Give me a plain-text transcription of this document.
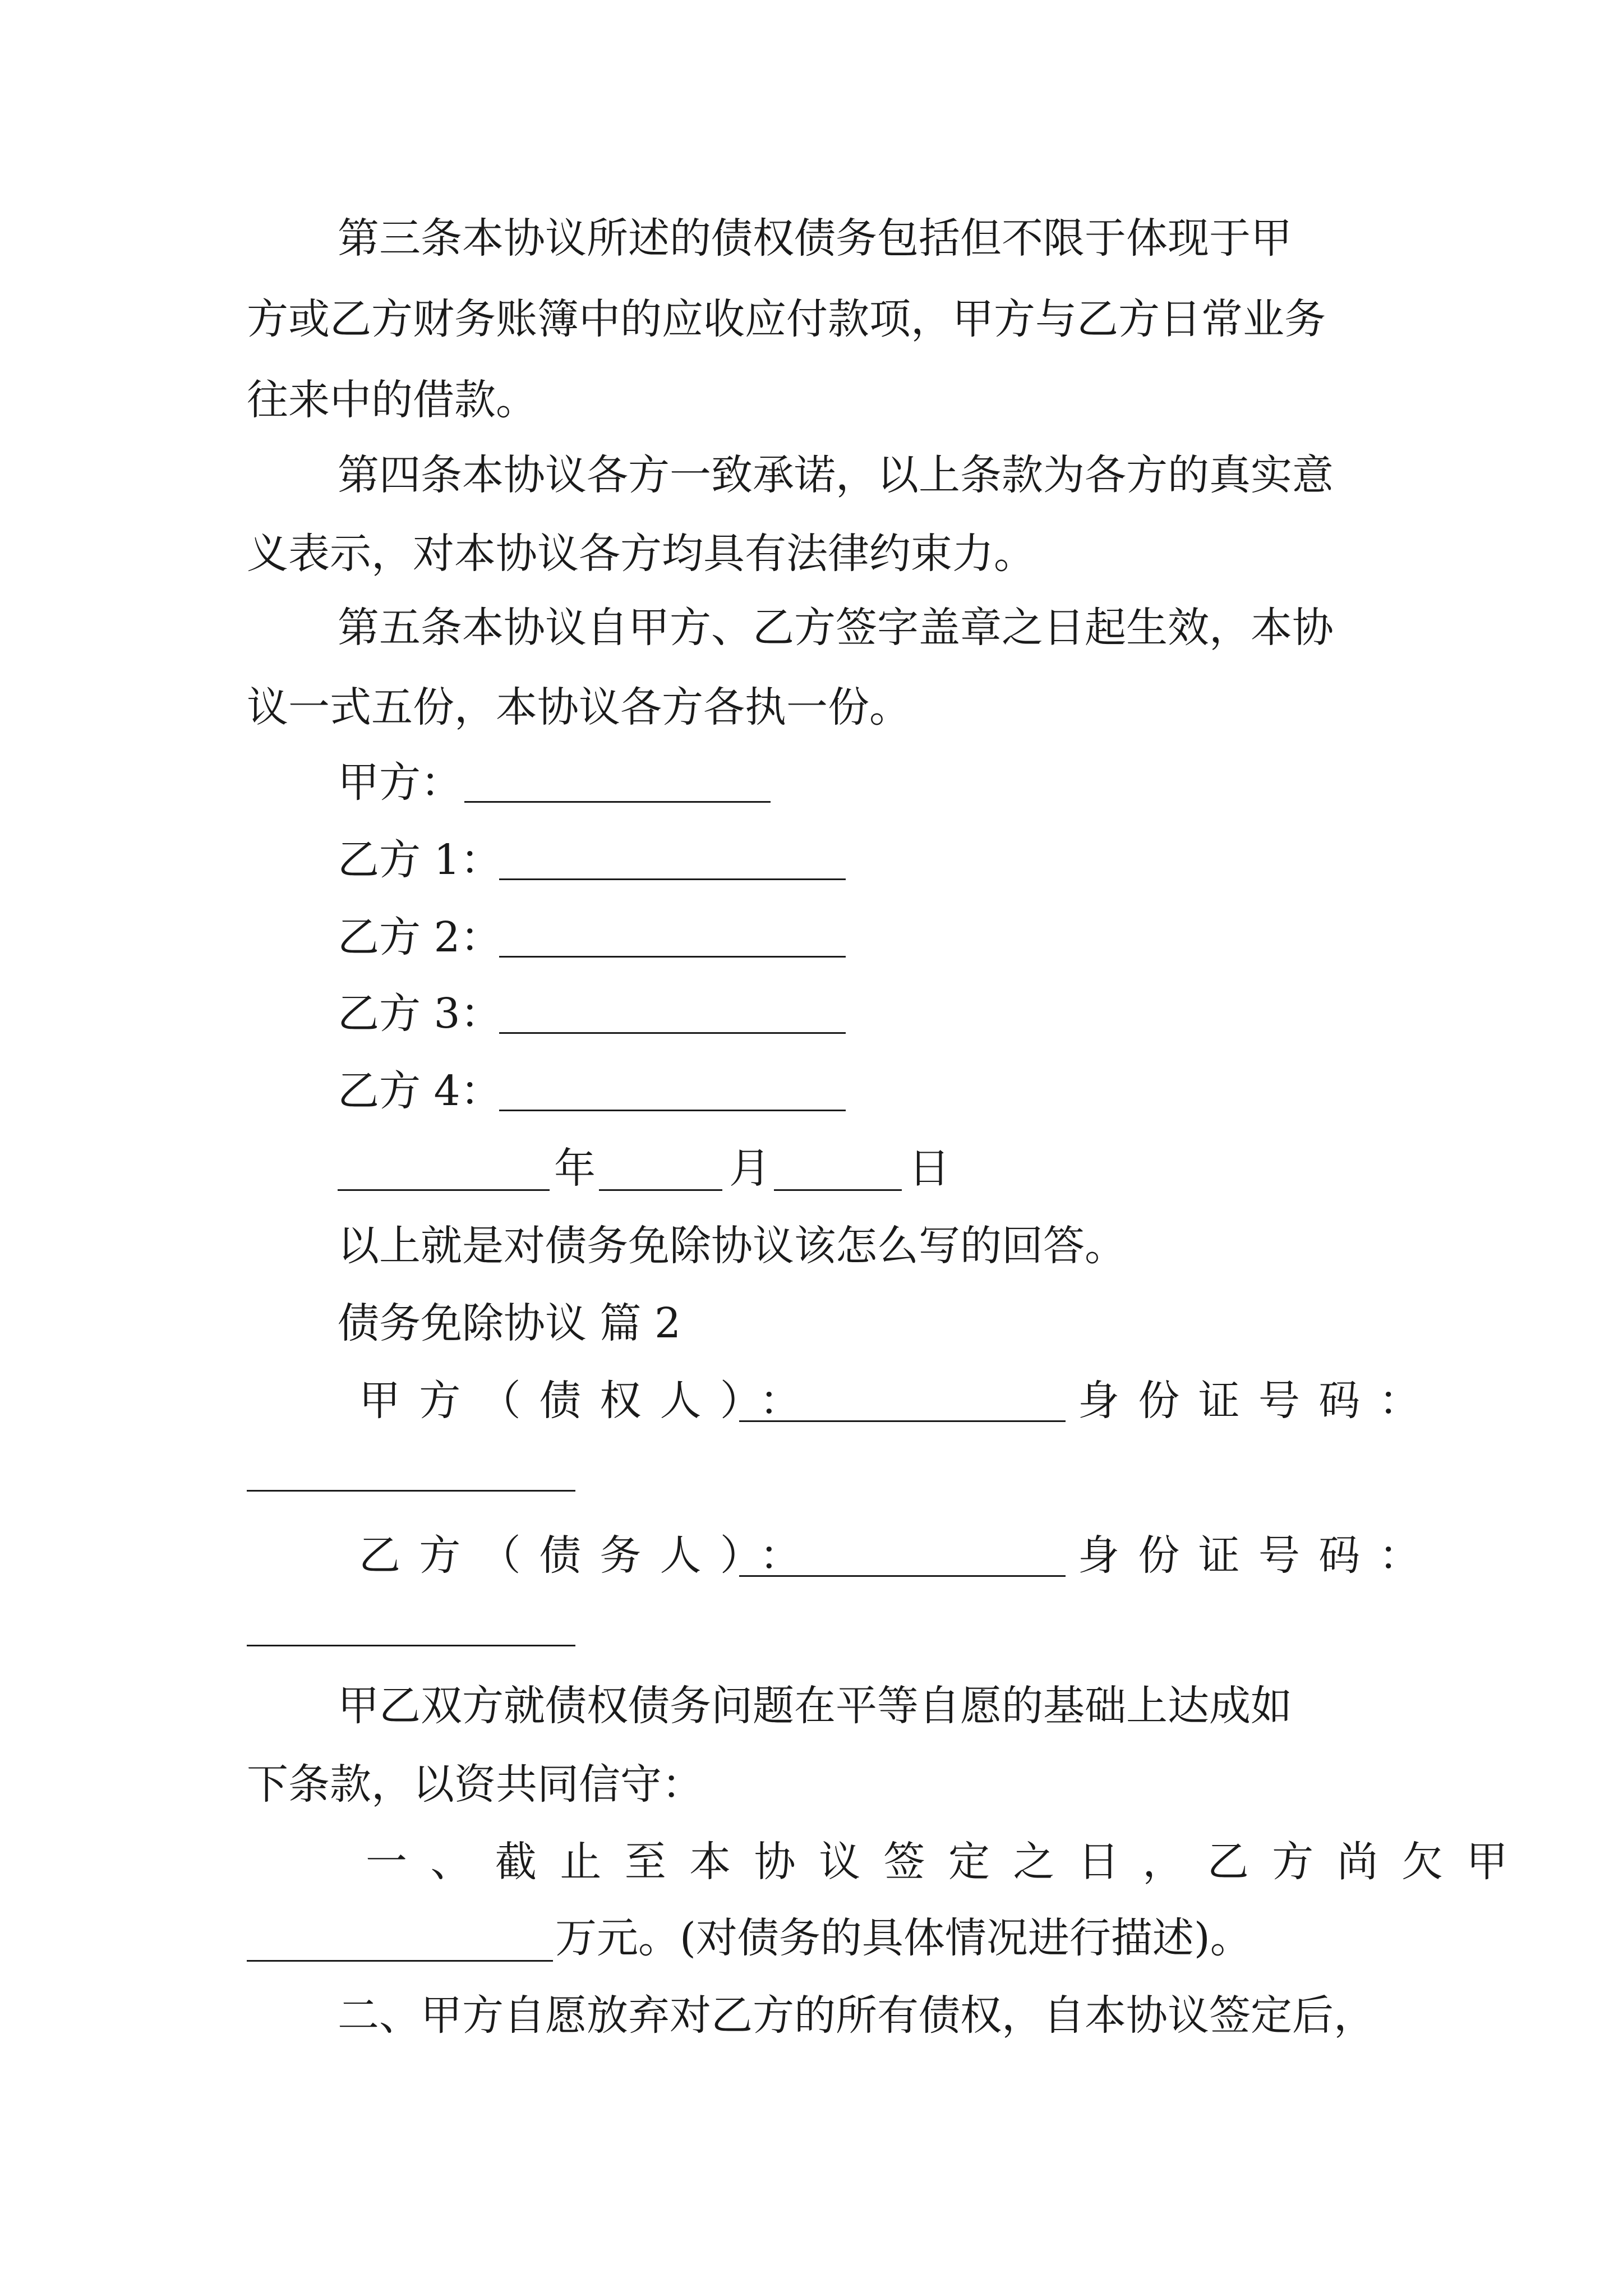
第三条本协议所述的债权债务包括但不限于体现于甲
方或乙方财务账簿中的应收应付款项，甲方与乙方日常业务
往来中的借款。
第四条本协议各方一致承诺，以上条款为各方的真实意
义表示，对本协议各方均具有法律约束力。
第五条本协议自甲方、乙方签字盖章之日起生效，本协
议一式五份，本协议各方各执一份。
甲方：
乙方 1：
乙方 2：
乙方 3：
乙方 4：
年	月	日
以上就是对债务免除协议该怎么写的回答。
债务免除协议 篇 2
甲方（债权人）：	身份证号码：
乙方（债务人）：	身份证号码：
甲乙双方就债权债务问题在平等自愿的基础上达成如
下条款，以资共同信守：
一、截止至本协议签定之日，乙方尚欠甲
万元。(对债务的具体情况进行描述)。
二、甲方自愿放弃对乙方的所有债权，自本协议签定后，
